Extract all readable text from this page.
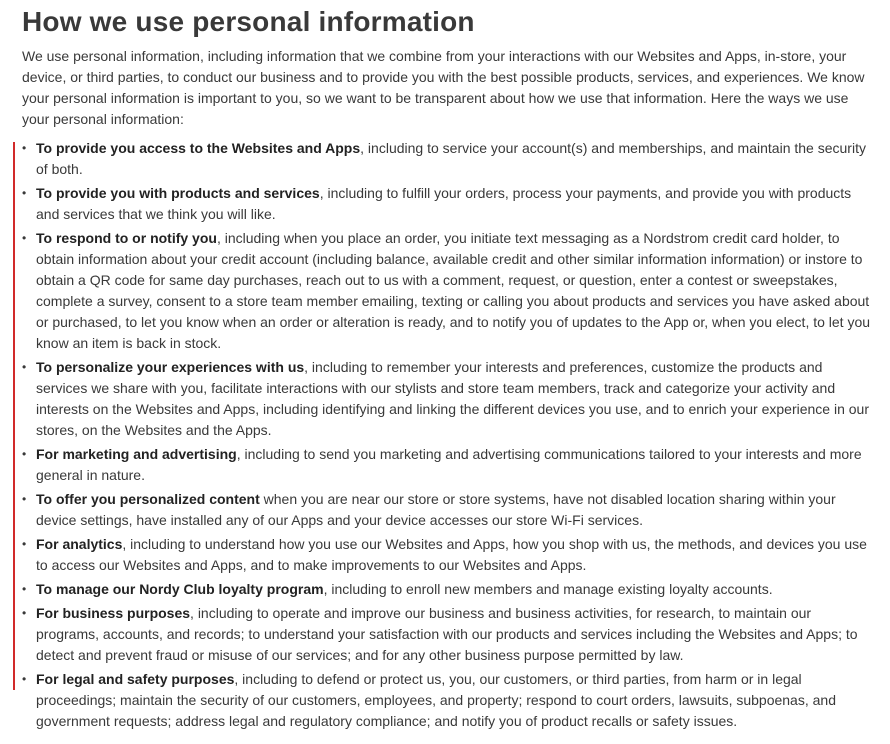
How we use personal information

We use personal information, including information that we combine from your interactions with our Websites and Apps, in-store, your device, or third parties, to conduct our business and to provide you with the best possible products, services, and experiences. We know your personal information is important to you, so we want to be transparent about how we use that information. Here the ways we use your personal information:

• To provide you access to the Websites and Apps, including to service your account(s) and memberships, and maintain the security of both.
• To provide you with products and services, including to fulfill your orders, process your payments, and provide you with products and services that we think you will like.
• To respond to or notify you, including when you place an order, you initiate text messaging as a Nordstrom credit card holder, to obtain information about your credit account (including balance, available credit and other similar information information) or instore to obtain a QR code for same day purchases, reach out to us with a comment, request, or question, enter a contest or sweepstakes, complete a survey, consent to a store team member emailing, texting or calling you about products and services you have asked about or purchased, to let you know when an order or alteration is ready, and to notify you of updates to the App or, when you elect, to let you know an item is back in stock.
• To personalize your experiences with us, including to remember your interests and preferences, customize the products and services we share with you, facilitate interactions with our stylists and store team members, track and categorize your activity and interests on the Websites and Apps, including identifying and linking the different devices you use, and to enrich your experience in our stores, on the Websites and the Apps.
• For marketing and advertising, including to send you marketing and advertising communications tailored to your interests and more general in nature.
• To offer you personalized content when you are near our store or store systems, have not disabled location sharing within your device settings, have installed any of our Apps and your device accesses our store Wi-Fi services.
• For analytics, including to understand how you use our Websites and Apps, how you shop with us, the methods, and devices you use to access our Websites and Apps, and to make improvements to our Websites and Apps.
• To manage our Nordy Club loyalty program, including to enroll new members and manage existing loyalty accounts.
• For business purposes, including to operate and improve our business and business activities, for research, to maintain our programs, accounts, and records; to understand your satisfaction with our products and services including the Websites and Apps; to detect and prevent fraud or misuse of our services; and for any other business purpose permitted by law.
• For legal and safety purposes, including to defend or protect us, you, our customers, or third parties, from harm or in legal proceedings; maintain the security of our customers, employees, and property; respond to court orders, lawsuits, subpoenas, and government requests; address legal and regulatory compliance; and notify you of product recalls or safety issues.
